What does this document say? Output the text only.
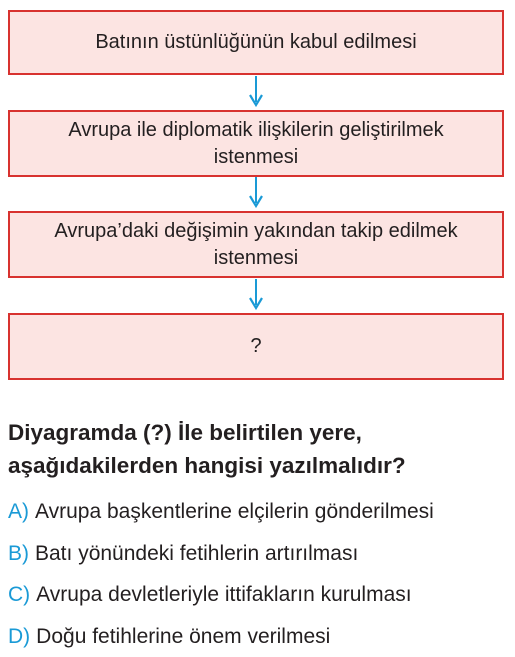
Batının üstünlüğünün kabul edilmesi
Avrupa ile diplomatik ilişkilerin geliştirilmek istenmesi
Avrupa’daki değişimin yakından takip edilmek istenmesi
?
Diyagramda (?) İle belirtilen yere, aşağıdakilerden hangisi yazılmalıdır?
A) Avrupa başkentlerine elçilerin gönderilmesi
B) Batı yönündeki fetihlerin artırılması
C) Avrupa devletleriyle ittifakların kurulması
D) Doğu fetihlerine önem verilmesi
